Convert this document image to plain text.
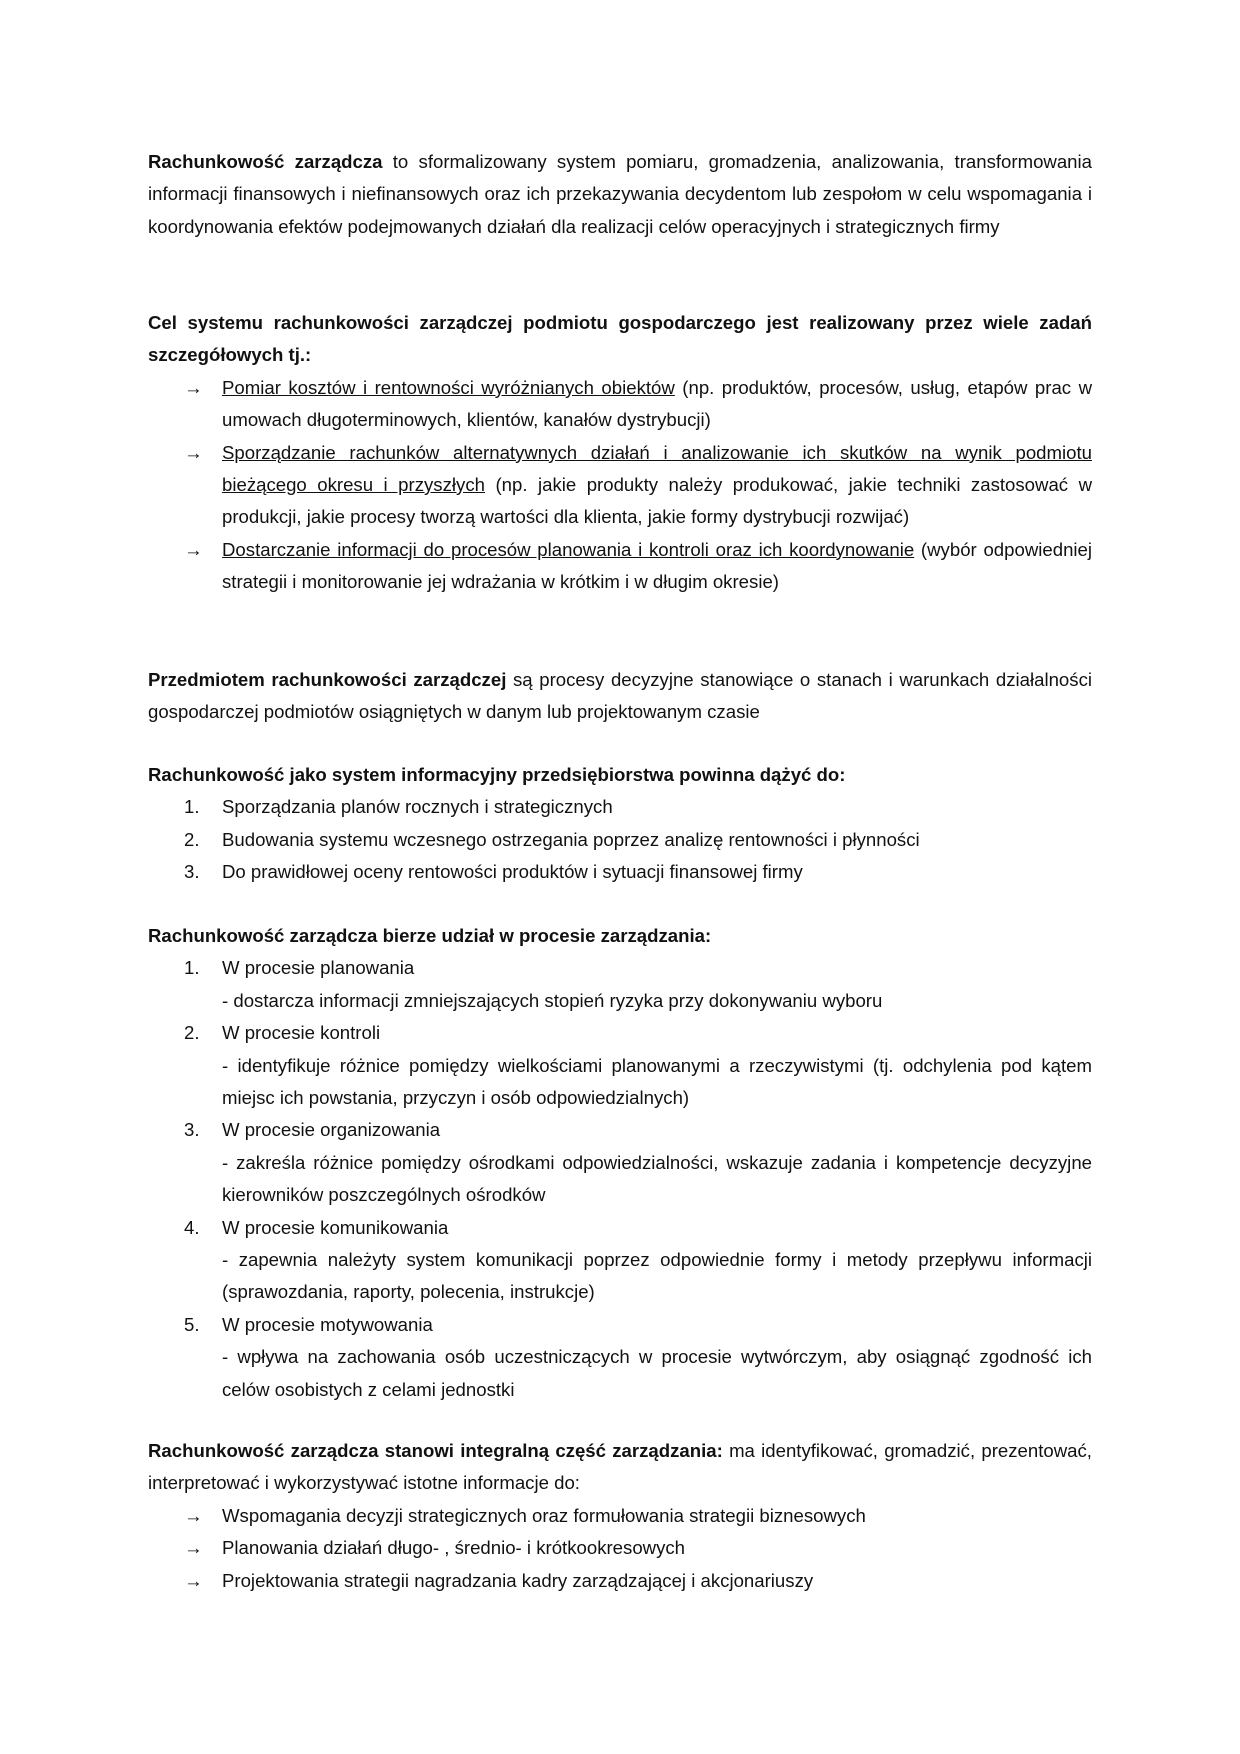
Rachunkowość zarządcza to sformalizowany system pomiaru, gromadzenia, analizowania, transformowania informacji finansowych i niefinansowych oraz ich przekazywania decydentom lub zespołom w celu wspomagania i koordynowania efektów podejmowanych działań dla realizacji celów operacyjnych i strategicznych firmy

Cel systemu rachunkowości zarządczej podmiotu gospodarczego jest realizowany przez wiele zadań szczegółowych tj.:

→ Pomiar kosztów i rentowności wyróżnianych obiektów (np. produktów, procesów, usług, etapów prac w umowach długoterminowych, klientów, kanałów dystrybucji)
→ Sporządzanie rachunków alternatywnych działań i analizowanie ich skutków na wynik podmiotu bieżącego okresu i przyszłych (np. jakie produkty należy produkować, jakie techniki zastosować w produkcji, jakie procesy tworzą wartości dla klienta, jakie formy dystrybucji rozwijać)
→ Dostarczanie informacji do procesów planowania i kontroli oraz ich koordynowanie (wybór odpowiedniej strategii i monitorowanie jej wdrażania w krótkim i w długim okresie)

Przedmiotem rachunkowości zarządczej są procesy decyzyjne stanowiące o stanach i warunkach działalności gospodarczej podmiotów osiągniętych w danym lub projektowanym czasie

Rachunkowość jako system informacyjny przedsiębiorstwa powinna dążyć do:

1. Sporządzania planów rocznych i strategicznych
2. Budowania systemu wczesnego ostrzegania poprzez analizę rentowności i płynności
3. Do prawidłowej oceny rentowości produktów i sytuacji finansowej firmy

Rachunkowość zarządcza bierze udział w procesie zarządzania:

1. W procesie planowania
- dostarcza informacji zmniejszających stopień ryzyka przy dokonywaniu wyboru
2. W procesie kontroli
- identyfikuje różnice pomiędzy wielkościami planowanymi a rzeczywistymi (tj. odchylenia pod kątem miejsc ich powstania, przyczyn i osób odpowiedzialnych)
3. W procesie organizowania
- zakreśla różnice pomiędzy ośrodkami odpowiedzialności, wskazuje zadania i kompetencje decyzyjne kierowników poszczególnych ośrodków
4. W procesie komunikowania
- zapewnia należyty system komunikacji poprzez odpowiednie formy i metody przepływu informacji (sprawozdania, raporty, polecenia, instrukcje)
5. W procesie motywowania
- wpływa na zachowania osób uczestniczących w procesie wytwórczym, aby osiągnąć zgodność ich celów osobistych z celami jednostki

Rachunkowość zarządcza stanowi integralną część zarządzania: ma identyfikować, gromadzić, prezentować, interpretować i wykorzystywać istotne informacje do:

→ Wspomagania decyzji strategicznych oraz formułowania strategii biznesowych
→ Planowania działań długo- , średnio- i krótkookresowych
→ Projektowania strategii nagradzania kadry zarządzającej i akcjonariuszy
